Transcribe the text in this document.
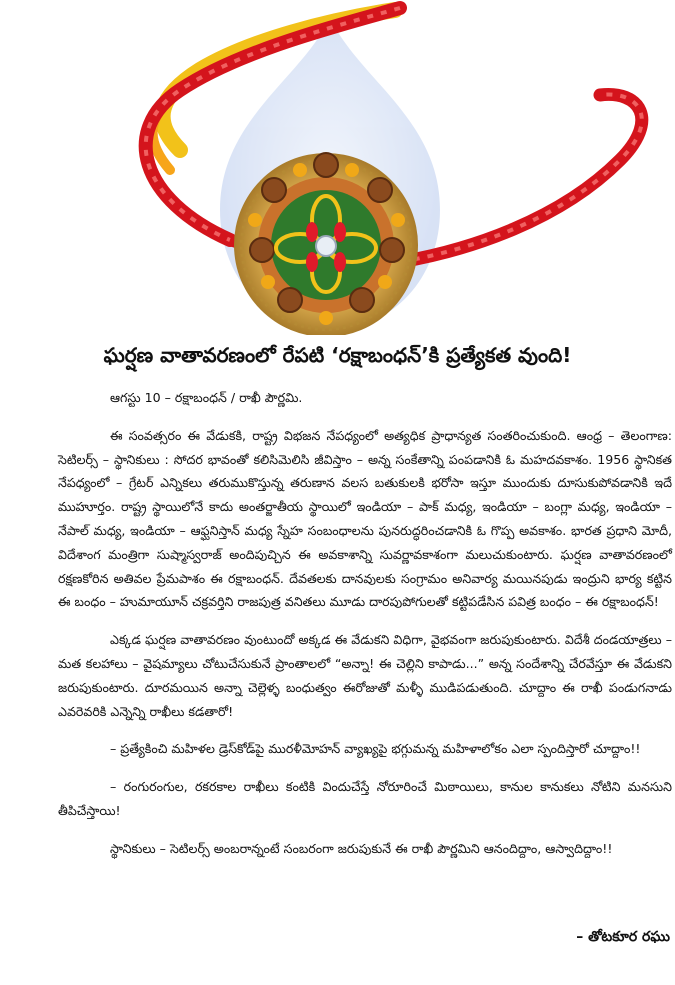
ఘర్షణ వాతావరణంలో రేపటి ‘రక్షాబంధన్’కి ప్రత్యేకత వుంది!

ఆగస్టు 10 – రక్షాబంధన్ / రాఖీ పౌర్ణమి.

ఈ సంవత్సరం ఈ వేడుకకి, రాష్ట్ర విభజన నేపధ్యంలో అత్యధిక ప్రాధాన్యత సంతరించుకుంది. ఆంధ్ర – తెలంగాణ: సెటిలర్స్ – స్థానికులు : సోదర భావంతో కలిసిమెలిసి జీవిస్తాం – అన్న సంకేతాన్ని పంపడానికి ఓ మహదవకాశం. 1956 స్థానికత నేపధ్యంలో – గ్రేటర్ ఎన్నికలు తరుముకొస్తున్న తరుణాన వలస బతుకులకి భరోసా ఇస్తూ ముందుకు దూసుకుపోవడానికి ఇదే ముహూర్తం. రాష్ట్ర స్థాయిలోనే కాదు అంతర్జాతీయ స్థాయిలో ఇండియా – పాక్ మధ్య, ఇండియా – బంగ్లా మధ్య, ఇండియా – నేపాల్ మధ్య, ఇండియా – ఆఫ్ఘనిస్తాన్ మధ్య స్నేహ సంబంధాలను పునరుద్ధరించడానికి ఓ గొప్ప అవకాశం. భారత ప్రధాని మోదీ, విదేశాంగ మంత్రిగా సుష్మాస్వరాజ్ అందిపుచ్చిన ఈ అవకాశాన్ని సువర్ణావకాశంగా మలుచుకుంటారు. ఘర్షణ వాతావరణంలో రక్షణకోరిన అతివల ప్రేమపాశం ఈ రక్షాబంధన్. దేవతలకు దానవులకు సంగ్రామం అనివార్య మయినపుడు ఇంద్రుని భార్య కట్టిన ఈ బంధం – హుమాయూన్ చక్రవర్తిని రాజపుత్ర వనితలు మూడు దారపుపోగులతో కట్టిపడేసిన పవిత్ర బంధం – ఈ రక్షాబంధన్!

ఎక్కడ ఘర్షణ వాతావరణం వుంటుందో అక్కడ ఈ వేడుకని విధిగా, వైభవంగా జరుపుకుంటారు. విదేశీ దండయాత్రలు – మత కలహాలు – వైషమ్యాలు చోటుచేసుకునే ప్రాంతాలలో “అన్నా! ఈ చెల్లిని కాపాడు...” అన్న సందేశాన్ని చేరవేస్తూ ఈ వేడుకని జరుపుకుంటారు. దూరమయిన అన్నా చెల్లెళ్ళ బంధుత్వం ఈరోజుతో మళ్ళీ ముడిపడుతుంది. చూద్దాం ఈ రాఖీ పండుగనాడు ఎవరెవరికి ఎన్నెన్ని రాఖీలు కడతారో!

– ప్రత్యేకించి మహిళల డ్రెస్‌కోడ్‌పై మురళీమోహన్ వ్యాఖ్యపై భగ్గుమన్న మహిళాలోకం ఎలా స్పందిస్తారో చూద్దాం!!

– రంగురంగుల, రకరకాల రాఖీలు కంటికి విందుచేస్తే నోరూరించే మిఠాయిలు, కానుల కానుకలు నోటిని మనసుని తీపిచేస్తాయి!

స్థానికులు – సెటిలర్స్ అంబరాన్నంటే సంబరంగా జరుపుకునే ఈ రాఖీ పౌర్ణమిని ఆనందిద్దాం, ఆస్వాదిద్దాం!!

– తోటకూర రఘు
